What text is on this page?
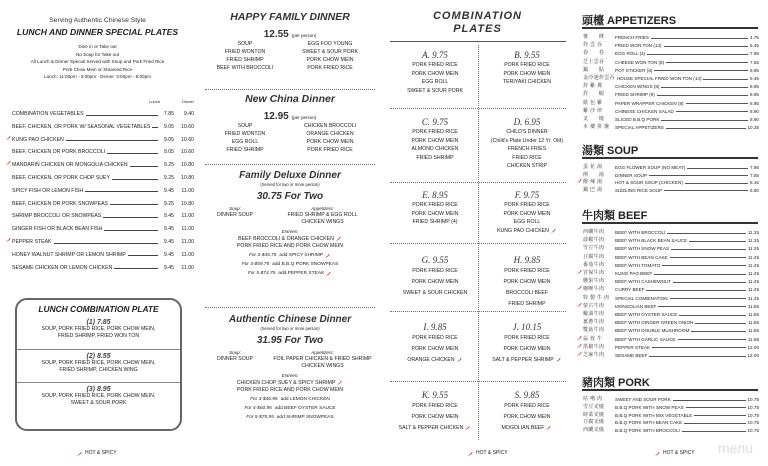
Serving Authentic Chinese Style
LUNCH AND DINNER SPECIAL PLATES
Dine in or Take out
No Soup for Take out
All Lunch & Dinner Special Served with Soup and Pork Fried Rice
Pork Chow Mein or Steamed Rice
Lunch: 11:00pm - 3:00pm · Dinner: 3:00pm - 9:00pm
Lunch	Dinner
COMBINATION VEGETABLES	7.85	9.40
BEEF, CHICKEN, OR PORK W/ SEASONAL VEGETABLES	9.05	10.60
KUNG PAO CHICKEN	9.05	10.60
BEEF, CHICKEN OR PORK BROCCOLI	9.05	10.60
MANDARIN CHICKEN OR MONGOLIA CHICKEN	9.25	10.80
BEEF, CHICKEN, OR PORK CHOP SUEY	9.25	10.80
SPICY FISH OR LEMON FISH	9.45	11.00
BEEF, CHICKEN OR PORK SNOWPEAS	9.25	10.80
SHRIMP BROCCOLI OR SNOWPEAS	9.45	11.00
GINGER FISH OR BLACK BEAN FISH	9.45	11.00
PEPPER STEAK	9.45	11.00
HONEY WALNUT SHRIMP OR LEMON SHRIMP	9.45	11.00
SESAME CHICKEN OR LEMON CHICKEN	9.45	11.00
LUNCH COMBINATION PLATE
(1) 7.85
SOUP, PORK FRIED RICE, PORK CHOW MEIN,
FRIED SHRIMP, FRIED WON TON
(2) 8.55
SOUP, PORK FRIED RICE, PORK CHOW MEIN,
FRIED SHRIMP, CHICKEN WING
(3) 8.95
SOUP, PORK FRIED RICE, PORK CHOW MEIN,
SWEET & SOUR PORK
HOT & SPICY
HAPPY FAMILY DINNER
12.55 (per person)
SOUP
FRIED WONTON
FRIED SHRIMP
BEEF WITH BROCCOLI
EGG FOO YOUNG
SWEET & SOUR PORK
PORK CHOW MEIN
PORK FRIED RICE
New China Dinner
12.95 (per person)
SOUP
FRIED WONTON
EGG ROLL
FRIED SHRIMP
CHICKEN BROCCOLI
ORANGE CHICKEN
PORK CHOW MEIN
PORK FRIED RICE
Family Deluxe Dinner
(Served for two or more person)
30.75 For Two
Soup:
DINNER SOUP
Appetizers:
FRIED SHRIMP & EGG ROLL
CHICKEN WINGS
Entrees:
BEEF BROCCOLI & ORANGE CHICKEN
PORK FRIED RICE AND PORK CHOW MEIN
For 3-$45.75 add SPICY SHRIMP
For 4-$59.75 add B.B.Q PORK SNOWPEAS
For 5-$74.75 add PEPPER STEAK
Authentic Chinese Dinner
(Served for two or more person)
31.95 For Two
Soup:
DINNER SOUP
Appetizers:
FOIL PAPER CHICKEN & FRIED SHRIMP
CHICKEN WINGS
Entrees:
CHICKEN CHOP SUEY & SPICY SHRIMP
PORK FRIED RICE AND PORK CHOW MEIN
For 3-$46.95 add LEMON CHICKEN
For 4-$60.95 add BEEF OYSTER SAUCE
For 5-$75.95 add SHRIMP SNOWPEAS
COMBINATION
PLATES
A. 9.75
PORK FRIED RICE
PORK CHOW MEIN
EGG ROLL
SWEET & SOUR PORK
B. 9.55
PORK FRIED RICE
PORK CHOW MEIN
TERIYAKI CHICKEN
C. 9.75
PORK FRIED RICE
PORK CHOW MEIN
ALMOND CHICKEN
FRIED SHRIMP
D. 6.95
CHILD'S DINNER
(Child's Plate Under 12 Yr. Old)
FRENCH FRIES
FRIED RICE
CHICKEN STRIP
E. 8.95
PORK FRIED RICE
PORK CHOW MEIN
FRIED SHRIMP (4)
F. 9.75
PORK FRIED RICE
PORK CHOW MEIN
EGG ROLL
KUNG PAO CHICKEN
G. 9.55
PORK FRIED RICE
PORK CHOW MEIN
SWEET & SOUR CHICKEN
H. 9.85
PORK FRIED RICE
PORK CHOW MEIN
BROCCOLI BEEF
FRIED SHRIMP
I. 9.85
PORK FRIED RICE
PORK CHOW MEIN
ORANGE CHICKEN
J. 10.15
PORK FRIED RICE
PORK CHOW MEIN
SALT & PEPPER SHRIMP
K. 9.55
PORK FRIED RICE
PORK CHOW MEIN
SALT & PEPPER CHICKEN
S. 9.85
PORK FRIED RICE
PORK CHOW MEIN
MOGOLIAN BEEF
HOT & SPICY
頭檯 APPETIZERS
薯　　條	FRENCH FRIES	4.75
炸 雲 吞	FRIED WON TON (14)	6.45
春　　卷	EGG ROLL (4)	7.95
芝士雲吞	CHEESE WON TON (8)	7.55
鍋　　貼	POT STICKER (8)	8.95
金冷翅炸雲吞 HOUSE SPECIAL FRIED WON TON (14)	9.45
炸 雞 翼	CHICKEN WINGS (8)	8.95
炸　　蝦	FRIED SHRIMP (8)	8.95
紙 包 雞	PAPER WRAPPER CHICKEN (8)	8.95
雞 沙 律	CHINESE CHICKEN SALAD	8.90
叉　　燒	SLICED B.B.Q PORK	8.90
本 樓 拼 盤	SPECIAL APPETIZERS	10.35
湯類 SOUP
蛋 花 湯	EGG FLOWER SOUP (NO MEAT)	7.95
例　　湯	DINNER SOUP	7.55
酸 辣 湯	HOT & SOUR SOUP (CHICKEN)	8.15
鍋 巴 湯	SIZZLING RICE SOUP	6.60
牛肉類 BEEF
西蘭牛肉	BEEF WITH BROCCOLI	11.25
豉椒牛肉	BEEF WITH BLACK BEAN SAUCE	11.25
雪豆牛肉	BEEF WITH SNOW PEAS	11.25
豆腐牛肉	BEEF WITH BEAN CAKE	11.25
番茄牛肉	BEEF WITH TOMATO	11.25
宮保牛肉	KUNG PAO BEEF	11.25
腰果牛肉	BEEF WITH CASHEWNUT	11.25
咖喱牛肉	CURRY BEEF	11.25
特 製 牛 肉	SPECIAL COMBINATION	11.25
蒙古牛肉	MONGOLIAN BEEF	11.55
蠔油牛肉	BEEF WITH OYSTER SAUCE	11.55
薑蔥牛肉	BEEF WITH GINGER GREEN ONION	11.55
雙菇牛肉	BEEF WITH DOUBLE MUSHROOM	11.55
蒜 蓉 牛	BEEF WITH GARLIC SAUCE	11.55
黑椒牛肉	PEPPER STEAK	12.00
芝麻牛肉	SESAME BEEF	12.00
豬肉類 PORK
咕 嚕 肉	SWEET AND SOUR PORK	10.75
雪豆叉燒	B.B.Q PORK WITH SNOW PEAS	10.75
時菜叉燒	B.B.Q PORK WITH MIX VEGETABLE	10.75
豆腐叉燒	B.B.Q PORK WITH BEAN CAKE	10.75
西蘭叉燒	B.B.Q PORK WITH BROCCOLI	10.75
HOT & SPICY menu
